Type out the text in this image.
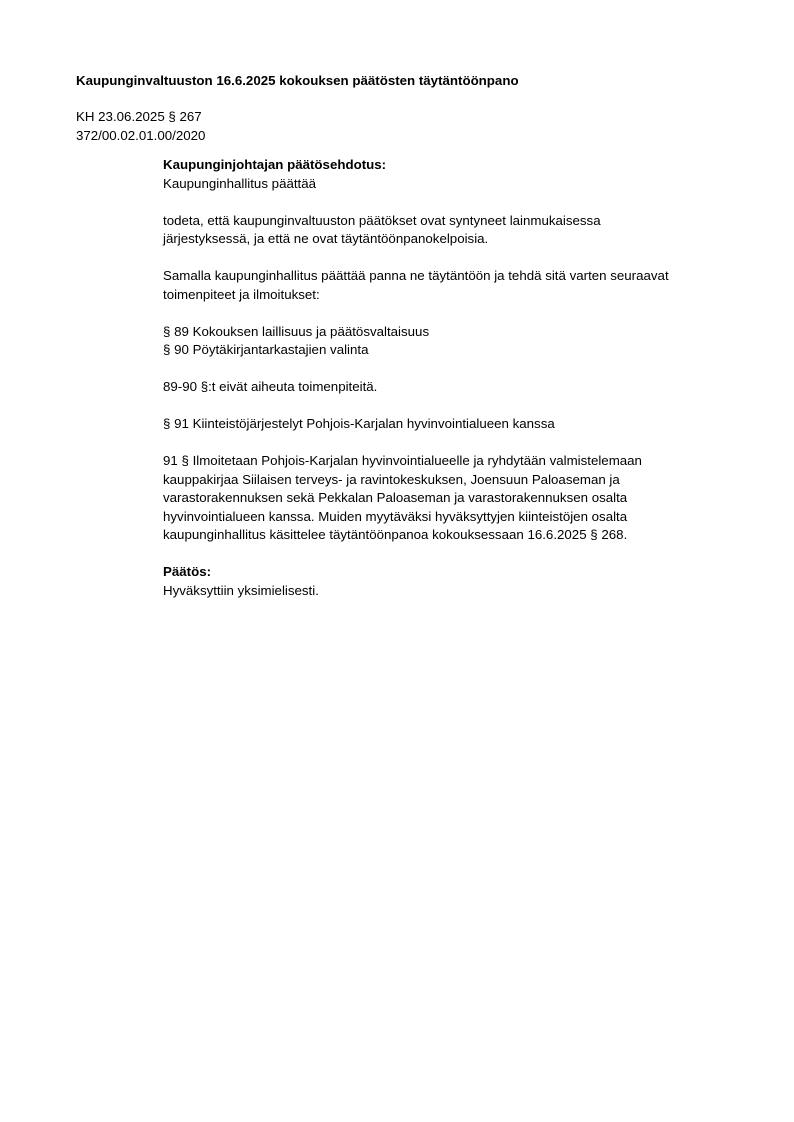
Kaupunginvaltuuston 16.6.2025 kokouksen päätösten täytäntöönpano
KH 23.06.2025 § 267
372/00.02.01.00/2020

Kaupunginjohtajan päätösehdotus:
Kaupunginhallitus päättää

todeta, että kaupunginvaltuuston päätökset ovat syntyneet lainmukaisessa
järjestyksessä, ja että ne ovat täytäntöönpanokelpoisia.

Samalla kaupunginhallitus päättää panna ne täytäntöön ja tehdä sitä varten seuraavat
toimenpiteet ja ilmoitukset:

§ 89 Kokouksen laillisuus ja päätösvaltaisuus
§ 90 Pöytäkirjantarkastajien valinta

89-90 §:t eivät aiheuta toimenpiteitä.

§ 91 Kiinteistöjärjestelyt Pohjois-Karjalan hyvinvointialueen kanssa

91 § Ilmoitetaan Pohjois-Karjalan hyvinvointialueelle ja ryhdytään valmistelemaan
kauppakirjaa Siilaisen terveys- ja ravintokeskuksen, Joensuun Paloaseman ja
varastorakennuksen sekä Pekkalan Paloaseman ja varastorakennuksen osalta
hyvinvointialueen kanssa. Muiden myytäväksi hyväksyttyjen kiinteistöjen osalta
kaupunginhallitus käsittelee täytäntöönpanoa kokouksessaan 16.6.2025 § 268.

Päätös:
Hyväksyttiin yksimielisesti.
